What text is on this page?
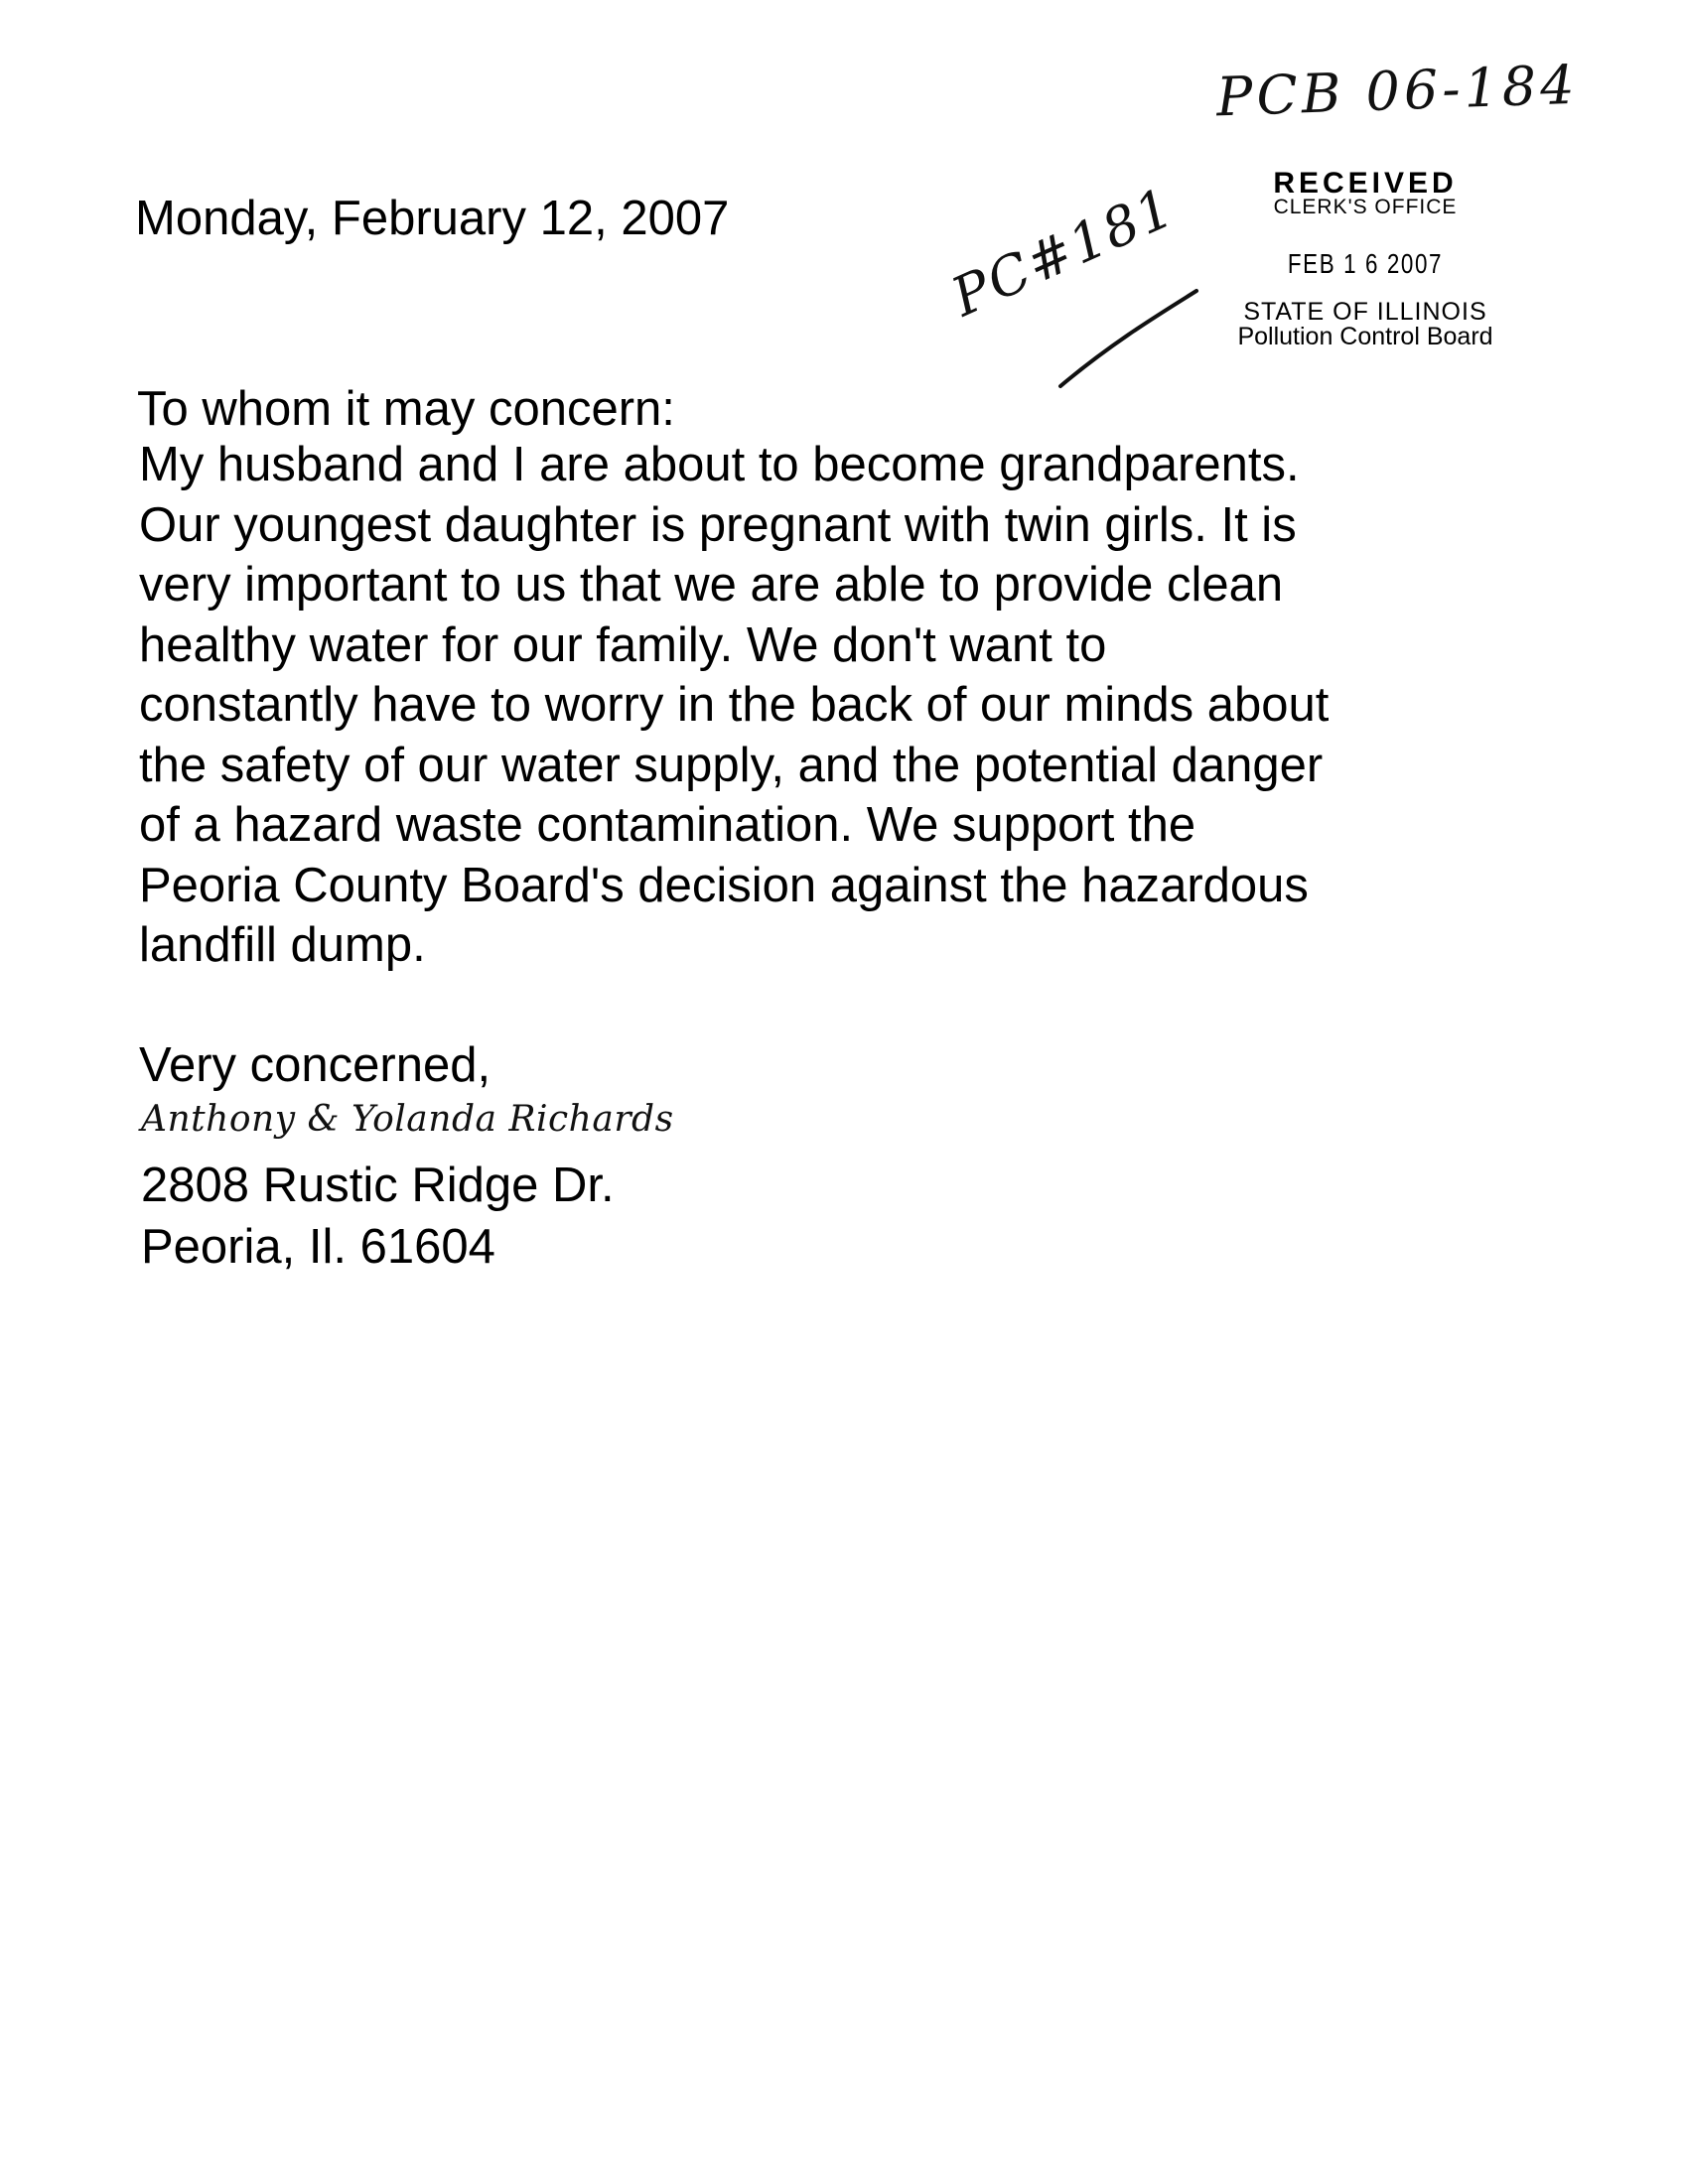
PCB 06-184
RECEIVED
CLERK'S OFFICE
FEB 1 6 2007
STATE OF ILLINOIS
Pollution Control Board
PC#181
Monday, February 12, 2007
To whom it may concern:
My husband and I are about to become grandparents.
Our youngest daughter is pregnant with twin girls. It is
very important to us that we are able to provide clean
healthy water for our family. We don't want to
constantly have to worry in the back of our minds about
the safety of our water supply, and the potential danger
of a hazard waste contamination. We support the
Peoria County Board's decision against the hazardous
landfill dump.
Very concerned,
Anthony & Yolanda Richards
2808 Rustic Ridge Dr.
Peoria, Il. 61604
